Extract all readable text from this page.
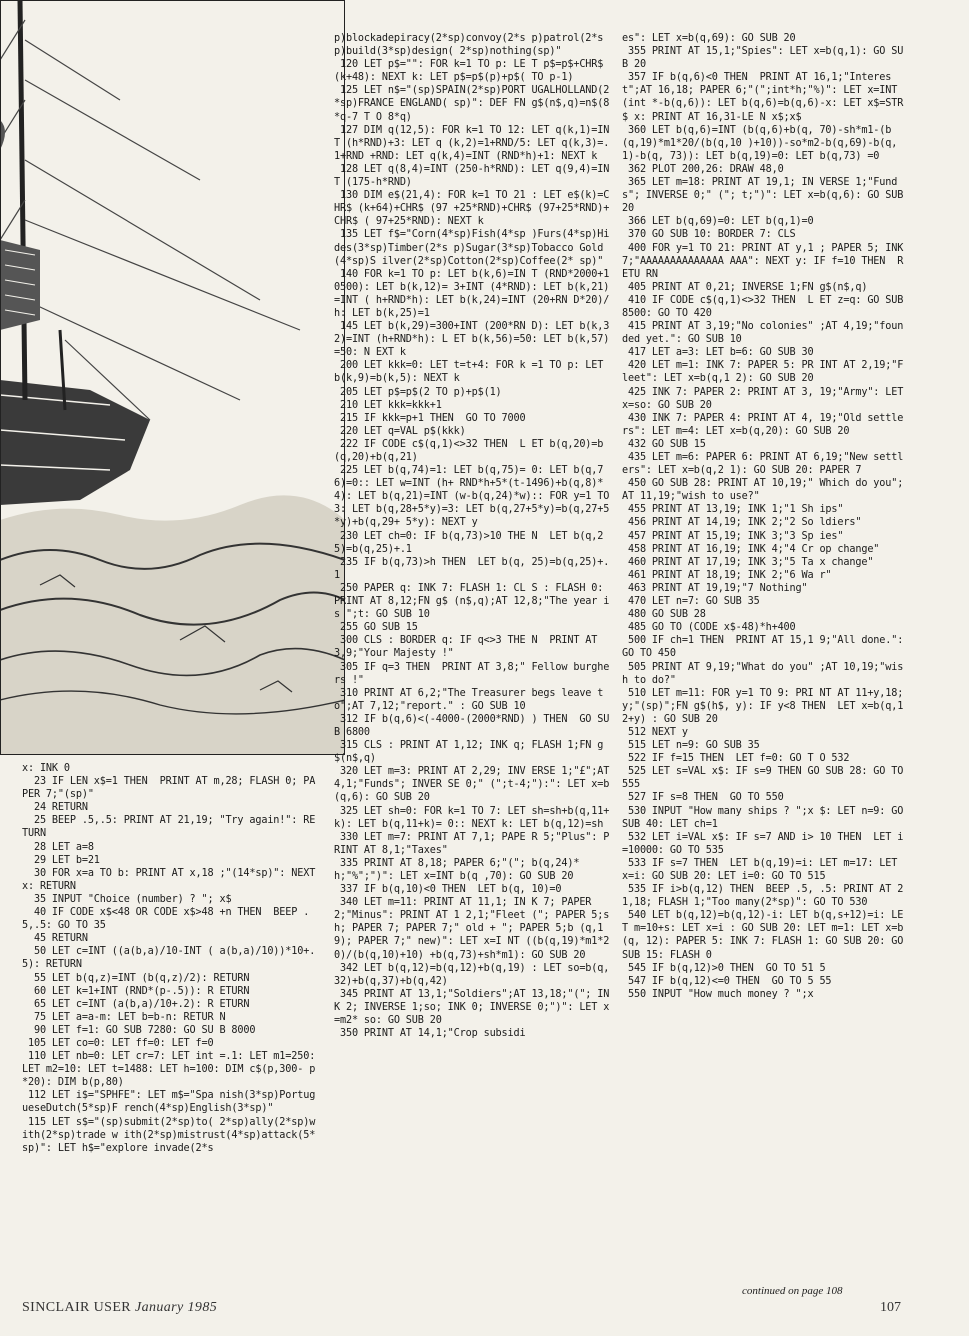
x: INK 0
23 IF LEN x$=1 THEN  PRINT AT m,28; FLASH 0; PAPER 7;"(sp)"
24 RETURN
25 BEEP .5,.5: PRINT AT 21,19; "Try again!": RETURN
28 LET a=8
29 LET b=21
30 FOR x=a TO b: PRINT AT x,18 ;"(14*sp)": NEXT x: RETURN
35 INPUT "Choice (number) ? "; x$
40 IF CODE x$<48 OR CODE x$>48 +n THEN  BEEP .5,.5: GO TO 35
45 RETURN
50 LET c=INT ((a(b,a)/10-INT ( a(b,a)/10))*10+.5): RETURN
55 LET b(q,z)=INT (b(q,z)/2): RETURN
60 LET k=1+INT (RND*(p-.5)): R ETURN
65 LET c=INT (a(b,a)/10+.2): R ETURN
75 LET a=a-m: LET b=b-n: RETUR N
90 LET f=1: GO SUB 7280: GO SU B 8000
105 LET co=0: LET ff=0: LET f=0
110 LET nb=0: LET cr=7: LET int =.1: LET m1=250: LET m2=10: LET t=1488: LET h=100: DIM c$(p,300- p*20): DIM b(p,80)
112 LET i$="SPHFE": LET m$="Spa nish(3*sp)PortugueseDutch(5*sp)F rench(4*sp)English(3*sp)"
115 LET s$="(sp)submit(2*sp)to( 2*sp)ally(2*sp)with(2*sp)trade w ith(2*sp)mistrust(4*sp)attack(5* sp)": LET h$="explore invade(2*s
p)blockadepiracy(2*sp)convoy(2*s p)patrol(2*sp)build(3*sp)design( 2*sp)nothing(sp)"
120 LET p$="": FOR k=1 TO p: LE T p$=p$+CHR$ (k+48): NEXT k: LET p$=p$(p)+p$( TO p-1)
125 LET n$="(sp)SPAIN(2*sp)PORT UGALHOLLAND(2*sp)FRANCE ENGLAND( sp)": DEF FN g$(n$,q)=n$(8*q-7 T O 8*q)
127 DIM q(12,5): FOR k=1 TO 12: LET q(k,1)=INT (h*RND)+3: LET q (k,2)=1+RND/5: LET q(k,3)=.1+RND +RND: LET q(k,4)=INT (RND*h)+1: NEXT k
128 LET q(8,4)=INT (250-h*RND): LET q(9,4)=INT (175-h*RND)
130 DIM e$(21,4): FOR k=1 TO 21 : LET e$(k)=CHR$ (k+64)+CHR$ (97 +25*RND)+CHR$ (97+25*RND)+CHR$ ( 97+25*RND): NEXT k
135 LET f$="Corn(4*sp)Fish(4*sp )Furs(4*sp)Hides(3*sp)Timber(2*s p)Sugar(3*sp)Tobacco Gold(4*sp)S ilver(2*sp)Cotton(2*sp)Coffee(2* sp)"
140 FOR k=1 TO p: LET b(k,6)=IN T (RND*2000+10500): LET b(k,12)= 3+INT (4*RND): LET b(k,21)=INT ( h+RND*h): LET b(k,24)=INT (20+RN D*20)/h: LET b(k,25)=1
145 LET b(k,29)=300+INT (200*RN D): LET b(k,32)=INT (h+RND*h): L ET b(k,56)=50: LET b(k,57)=50: N EXT k
200 LET kkk=0: LET t=t+4: FOR k =1 TO p: LET b(k,9)=b(k,5): NEXT k
205 LET p$=p$(2 TO p)+p$(1)
210 LET kkk=kkk+1
215 IF kkk=p+1 THEN  GO TO 7000
220 LET q=VAL p$(kkk)
222 IF CODE c$(q,1)<>32 THEN  L ET b(q,20)=b(q,20)+b(q,21)
225 LET b(q,74)=1: LET b(q,75)= 0: LET b(q,76)=0:: LET w=INT (h+ RND*h+5*(t-1496)+b(q,8)*4): LET b(q,21)=INT (w-b(q,24)*w):: FOR y=1 TO 3: LET b(q,28+5*y)=3: LET b(q,27+5*y)=b(q,27+5*y)+b(q,29+ 5*y): NEXT y
230 LET ch=0: IF b(q,73)>10 THE N  LET b(q,25)=b(q,25)+.1
235 IF b(q,73)>h THEN  LET b(q, 25)=b(q,25)+.1
250 PAPER q: INK 7: FLASH 1: CL S : FLASH 0: PRINT AT 8,12;FN g$ (n$,q);AT 12,8;"The year is ";t: GO SUB 10
255 GO SUB 15
300 CLS : BORDER q: IF q<>3 THE N  PRINT AT 3,9;"Your Majesty !"
305 IF q=3 THEN  PRINT AT 3,8;" Fellow burghers !"
310 PRINT AT 6,2;"The Treasurer begs leave to";AT 7,12;"report." : GO SUB 10
312 IF b(q,6)<(-4000-(2000*RND) ) THEN  GO SUB 6800
315 CLS : PRINT AT 1,12; INK q; FLASH 1;FN g$(n$,q)
320 LET m=3: PRINT AT 2,29; INV ERSE 1;"£";AT 4,1;"Funds"; INVER SE 0;" (";t-4;"):": LET x=b(q,6): GO SUB 20
325 LET sh=0: FOR k=1 TO 7: LET sh=sh+b(q,11+k): LET b(q,11+k)= 0:: NEXT k: LET b(q,12)=sh
330 LET m=7: PRINT AT 7,1; PAPE R 5;"Plus": PRINT AT 8,1;"Taxes"
335 PRINT AT 8,18; PAPER 6;"("; b(q,24)*h;"%";")": LET x=INT b(q ,70): GO SUB 20
337 IF b(q,10)<0 THEN  LET b(q, 10)=0
340 LET m=11: PRINT AT 11,1; IN K 7; PAPER 2;"Minus": PRINT AT 1 2,1;"Fleet ("; PAPER 5;sh; PAPER 7; PAPER 7;" old + "; PAPER 5;b (q,19); PAPER 7;" new)": LET x=I NT ((b(q,19)*m1*20)/(b(q,10)+10) +b(q,73)+sh*m1): GO SUB 20
342 LET b(q,12)=b(q,12)+b(q,19) : LET so=b(q,32)+b(q,37)+b(q,42)
345 PRINT AT 13,1;"Soldiers";AT 13,18;"("; INK 2; INVERSE 1;so; INK 0; INVERSE 0;")": LET x=m2* so: GO SUB 20
350 PRINT AT 14,1;"Crop subsidi
es": LET x=b(q,69): GO SUB 20
355 PRINT AT 15,1;"Spies": LET x=b(q,1): GO SUB 20
357 IF b(q,6)<0 THEN  PRINT AT 16,1;"Interest";AT 16,18; PAPER 6;"(";int*h;"%)": LET x=INT (int *-b(q,6)): LET b(q,6)=b(q,6)-x: LET x$=STR$ x: PRINT AT 16,31-LE N x$;x$
360 LET b(q,6)=INT (b(q,6)+b(q, 70)-sh*m1-(b(q,19)*m1*20/(b(q,10 )+10))-so*m2-b(q,69)-b(q,1)-b(q, 73)): LET b(q,19)=0: LET b(q,73) =0
362 PLOT 200,26: DRAW 48,0
365 LET m=18: PRINT AT 19,1; IN VERSE 1;"Funds"; INVERSE 0;" ("; t;")": LET x=b(q,6): GO SUB 20
366 LET b(q,69)=0: LET b(q,1)=0
370 GO SUB 10: BORDER 7: CLS
400 FOR y=1 TO 21: PRINT AT y,1 ; PAPER 5; INK 7;"AAAAAAAAAAAAAA AAA": NEXT y: IF f=10 THEN  RETU RN
405 PRINT AT 0,21; INVERSE 1;FN g$(n$,q)
410 IF CODE c$(q,1)<>32 THEN  L ET z=q: GO SUB 8500: GO TO 420
415 PRINT AT 3,19;"No colonies" ;AT 4,19;"founded yet.": GO SUB 10
417 LET a=3: LET b=6: GO SUB 30
420 LET m=1: INK 7: PAPER 5: PR INT AT 2,19;"Fleet": LET x=b(q,1 2): GO SUB 20
425 INK 7: PAPER 2: PRINT AT 3, 19;"Army": LET x=so: GO SUB 20
430 INK 7: PAPER 4: PRINT AT 4, 19;"Old settlers": LET m=4: LET x=b(q,20): GO SUB 20
432 GO SUB 15
435 LET m=6: PAPER 6: PRINT AT 6,19;"New settlers": LET x=b(q,2 1): GO SUB 20: PAPER 7
450 GO SUB 28: PRINT AT 10,19;" Which do you";AT 11,19;"wish to use?"
455 PRINT AT 13,19; INK 1;"1 Sh ips"
456 PRINT AT 14,19; INK 2;"2 So ldiers"
457 PRINT AT 15,19; INK 3;"3 Sp ies"
458 PRINT AT 16,19; INK 4;"4 Cr op change"
460 PRINT AT 17,19; INK 3;"5 Ta x change"
461 PRINT AT 18,19; INK 2;"6 Wa r"
463 PRINT AT 19,19;"7 Nothing"
470 LET n=7: GO SUB 35
480 GO SUB 28
485 GO TO (CODE x$-48)*h+400
500 IF ch=1 THEN  PRINT AT 15,1 9;"All done.": GO TO 450
505 PRINT AT 9,19;"What do you" ;AT 10,19;"wish to do?"
510 LET m=11: FOR y=1 TO 9: PRI NT AT 11+y,18;y;"(sp)";FN g$(h$, y): IF y<8 THEN  LET x=b(q,12+y) : GO SUB 20
512 NEXT y
515 LET n=9: GO SUB 35
522 IF f=15 THEN  LET f=0: GO T O 532
525 LET s=VAL x$: IF s=9 THEN GO SUB 28: GO TO 555
527 IF s=8 THEN  GO TO 550
530 INPUT "How many ships ? ";x $: LET n=9: GO SUB 40: LET ch=1
532 LET i=VAL x$: IF s=7 AND i> 10 THEN  LET i=10000: GO TO 535
533 IF s=7 THEN  LET b(q,19)=i: LET m=17: LET x=i: GO SUB 20: LET i=0: GO TO 515
535 IF i>b(q,12) THEN  BEEP .5, .5: PRINT AT 21,18; FLASH 1;"Too many(2*sp)": GO TO 530
540 LET b(q,12)=b(q,12)-i: LET b(q,s+12)=i: LET m=10+s: LET x=i : GO SUB 20: LET m=1: LET x=b(q, 12): PAPER 5: INK 7: FLASH 1: GO SUB 20: GO SUB 15: FLASH 0
545 IF b(q,12)>0 THEN  GO TO 51 5
547 IF b(q,12)<=0 THEN  GO TO 5 55
550 INPUT "How much money ? ";x
continued on page 108
SINCLAIR USER January 1985	107
